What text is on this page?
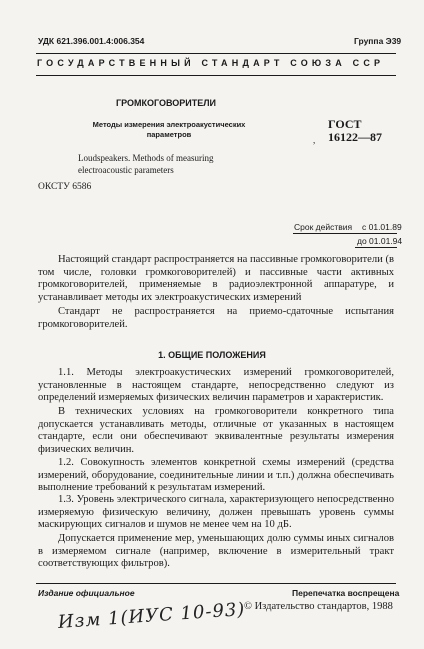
УДК 621.396.001.4:006.354	Группа Э39
ГОСУДАРСТВЕННЫЙ СТАНДАРТ СОЮЗА ССР
ГРОМКОГОВОРИТЕЛИ
Методы измерения электроакустических параметров
Loudspeakers. Methods of measuring electroacoustic parameters
ГОСТ
16122—87
,
ОКСТУ 6586
Срок действия с 01.01.89
до 01.01.94

Настоящий стандарт распространяется на пассивные громкоговорители (в том числе, головки громкоговорителей) и пассивные части активных громкоговорителей, применяемые в радиоэлектронной аппаратуре, и устанавливает методы их электроакустических измерений

Стандарт не распространяется на приемо-сдаточные испытания громкоговорителей.

1. ОБЩИЕ ПОЛОЖЕНИЯ

1.1. Методы электроакустических измерений громкоговорителей, установленные в настоящем стандарте, непосредственно следуют из определений измеряемых физических величин параметров и характеристик.

В технических условиях на громкоговорители конкретного типа допускается устанавливать методы, отличные от указанных в настоящем стандарте, если они обеспечивают эквивалентные результаты измерения физических величин.

1.2. Совокупность элементов конкретной схемы измерений (средства измерений, оборудование, соединительные линии и т.п.) должна обеспечивать выполнение требований к результатам измерений.

1.3. Уровень электрического сигнала, характеризующего непосредственно измеряемую физическую величину, должен превышать уровень суммы маскирующих сигналов и шумов не менее чем на 10 дБ.

Допускается применение мер, уменьшающих долю суммы иных сигналов в измеряемом сигнале (например, включение в измерительный тракт соответствующих фильтров).

Издание официальное	Перепечатка воспрещена
© Издательство стандартов, 1988
Изм 1(ИУС 10-93)
